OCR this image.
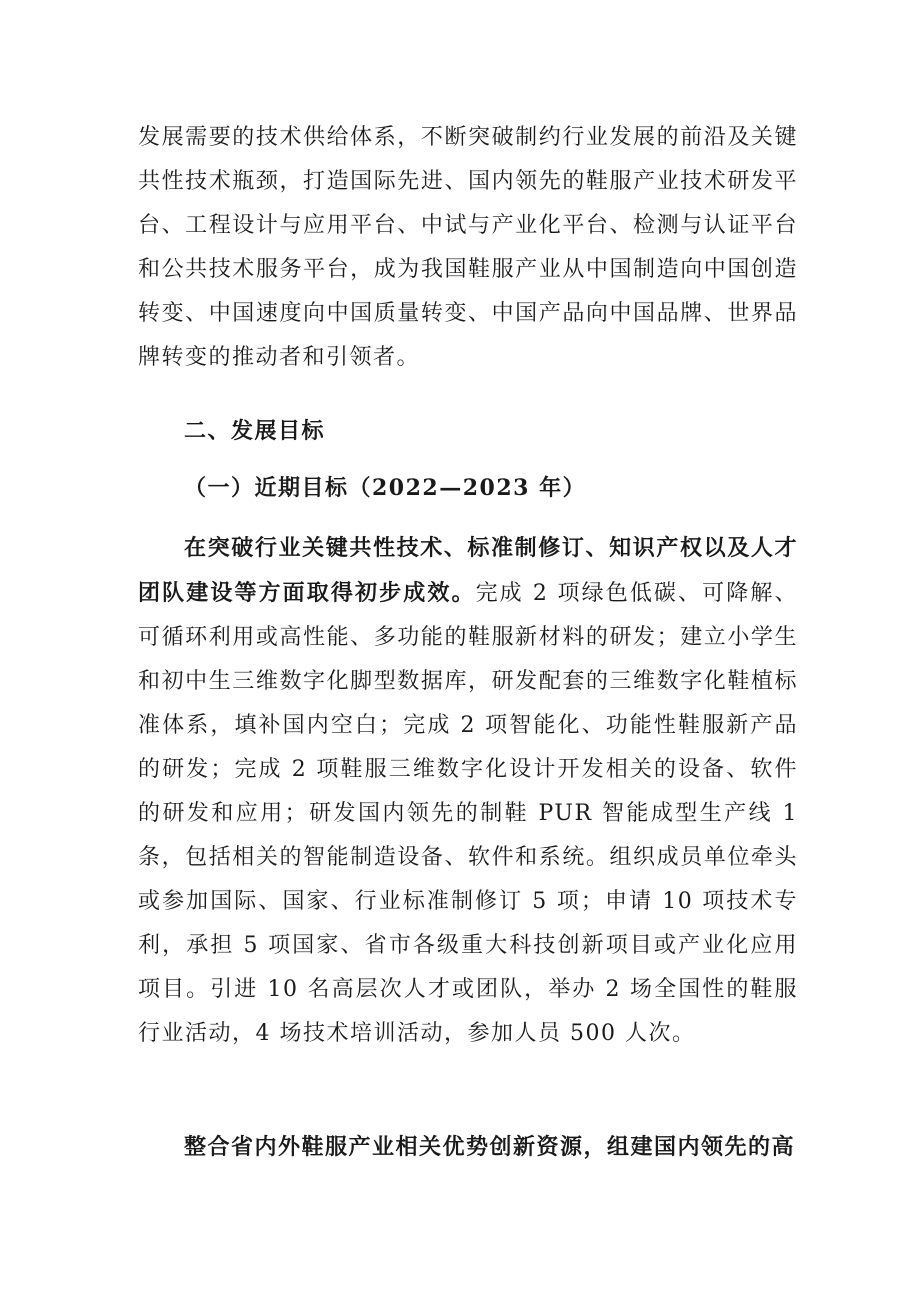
发展需要的技术供给体系，不断突破制约行业发展的前沿及关键共性技术瓶颈，打造国际先进、国内领先的鞋服产业技术研发平台、工程设计与应用平台、中试与产业化平台、检测与认证平台和公共技术服务平台，成为我国鞋服产业从中国制造向中国创造转变、中国速度向中国质量转变、中国产品向中国品牌、世界品牌转变的推动者和引领者。

二、发展目标
（一）近期目标（2022—2023 年）

在突破行业关键共性技术、标准制修订、知识产权以及人才团队建设等方面取得初步成效。完成 2 项绿色低碳、可降解、可循环利用或高性能、多功能的鞋服新材料的研发；建立小学生和初中生三维数字化脚型数据库，研发配套的三维数字化鞋植标准体系，填补国内空白；完成 2 项智能化、功能性鞋服新产品的研发；完成 2 项鞋服三维数字化设计开发相关的设备、软件的研发和应用；研发国内领先的制鞋 PUR 智能成型生产线 1 条，包括相关的智能制造设备、软件和系统。组织成员单位牵头或参加国际、国家、行业标准制修订 5 项；申请 10 项技术专利，承担 5 项国家、省市各级重大科技创新项目或产业化应用项目。引进 10 名高层次人才或团队，举办 2 场全国性的鞋服行业活动，4 场技术培训活动，参加人员 500 人次。

整合省内外鞋服产业相关优势创新资源，组建国内领先的高
